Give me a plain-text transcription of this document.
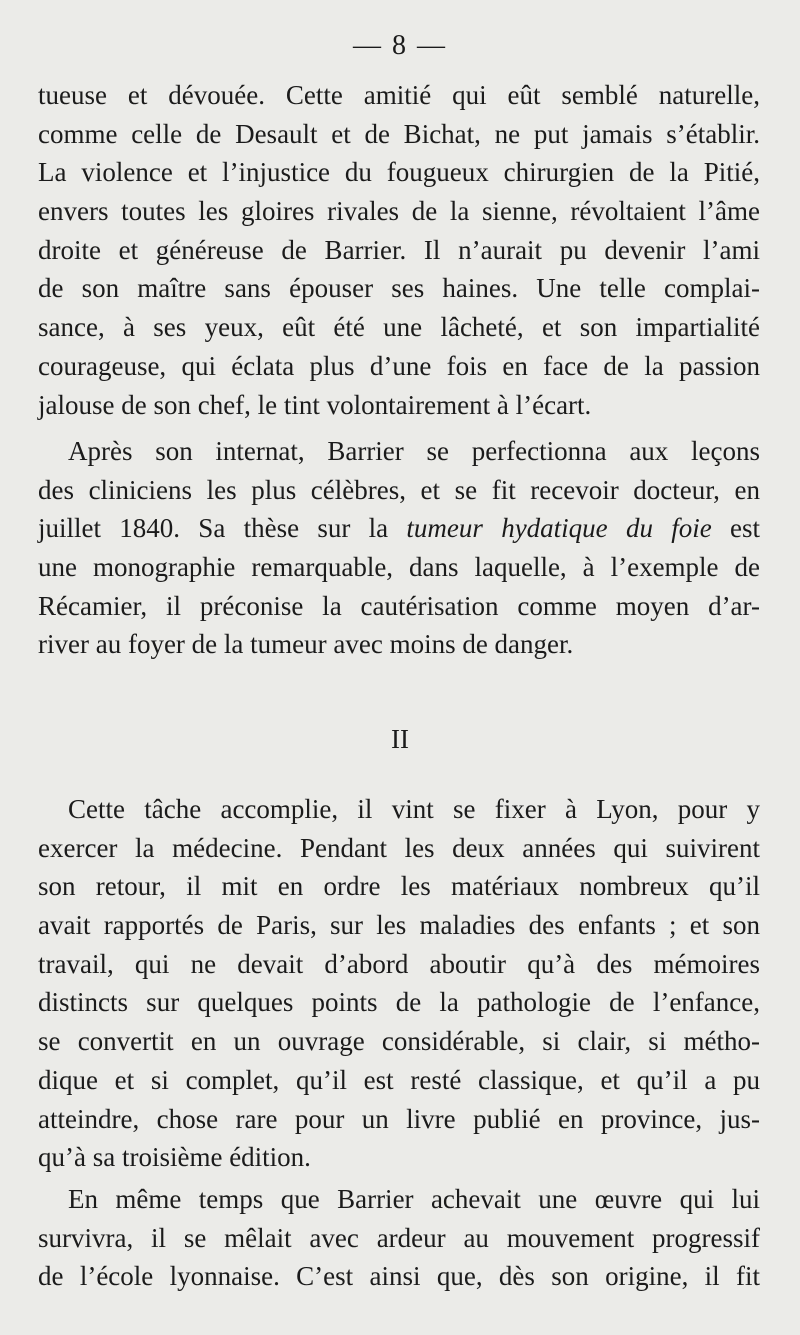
— 8 —
tueuse et dévouée. Cette amitié qui eût semblé naturelle,
comme celle de Desault et de Bichat, ne put jamais s’établir.
La violence et l’injustice du fougueux chirurgien de la Pitié,
envers toutes les gloires rivales de la sienne, révoltaient l’âme
droite et généreuse de Barrier. Il n’aurait pu devenir l’ami
de son maître sans épouser ses haines. Une telle complai-
sance, à ses yeux, eût été une lâcheté, et son impartialité
courageuse, qui éclata plus d’une fois en face de la passion
jalouse de son chef, le tint volontairement à l’écart.
Après son internat, Barrier se perfectionna aux leçons
des cliniciens les plus célèbres, et se fit recevoir docteur, en
juillet 1840. Sa thèse sur la tumeur hydatique du foie est
une monographie remarquable, dans laquelle, à l’exemple de
Récamier, il préconise la cautérisation comme moyen d’ar-
river au foyer de la tumeur avec moins de danger.
II
Cette tâche accomplie, il vint se fixer à Lyon, pour y
exercer la médecine. Pendant les deux années qui suivirent
son retour, il mit en ordre les matériaux nombreux qu’il
avait rapportés de Paris, sur les maladies des enfants ; et son
travail, qui ne devait d’abord aboutir qu’à des mémoires
distincts sur quelques points de la pathologie de l’enfance,
se convertit en un ouvrage considérable, si clair, si métho-
dique et si complet, qu’il est resté classique, et qu’il a pu
atteindre, chose rare pour un livre publié en province, jus-
qu’à sa troisième édition.
En même temps que Barrier achevait une œuvre qui lui
survivra, il se mêlait avec ardeur au mouvement progressif
de l’école lyonnaise. C’est ainsi que, dès son origine, il fit
